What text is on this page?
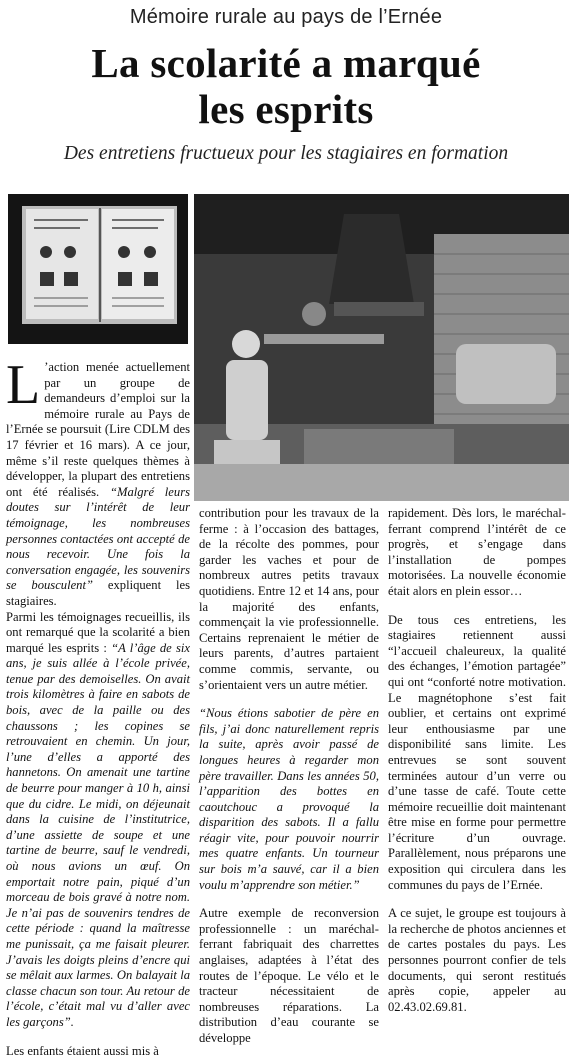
Mémoire rurale au pays de l’Ernée
La scolarité a marqué
les esprits
Des entretiens fructueux pour les stagiaires en formation

L ’action menée actuellement par un groupe de demandeurs d’emploi sur la mémoire rurale au Pays de l’Ernée se poursuit (Lire CDLM des 17 février et 16 mars). A ce jour, même s’il reste quelques thèmes à développer, la plupart des entretiens ont été réalisés. “Malgré leurs doutes sur l’intérêt de leur témoignage, les nombreuses personnes contactées ont accepté de nous recevoir. Une fois la conversation engagée, les souvenirs se bousculent” expliquent les stagiaires.

Parmi les témoignages recueillis, ils ont remarqué que la scolarité a bien marqué les esprits : “A l’âge de six ans, je suis allée à l’école privée, tenue par des demoiselles. On avait trois kilomètres à faire en sabots de bois, avec de la paille ou des chaussons ; les copines se retrouvaient en chemin. Un jour, l’une d’elles a apporté des hannetons. On amenait une tartine de beurre pour manger à 10 h, ainsi que du cidre. Le midi, on déjeunait dans la cuisine de l’institutrice, d’une assiette de soupe et une tartine de beurre, sauf le vendredi, où nous avions un œuf. On emportait notre pain, piqué d’un morceau de bois gravé à notre nom. Je n’ai pas de souvenirs tendres de cette période : quand la maîtresse me punissait, ça me faisait pleurer. J’avais les doigts pleins d’encre qui se mêlait aux larmes. On balayait la classe chacun son tour. Au retour de l’école, c’était mal vu d’aller avec les garçons”.

Les enfants étaient aussi mis à

contribution pour les travaux de la ferme : à l’occasion des battages, de la récolte des pommes, pour garder les vaches et pour de nombreux autres petits travaux quotidiens. Entre 12 et 14 ans, pour la majorité des enfants, commençait la vie professionnelle. Certains reprenaient le métier de leurs parents, d’autres partaient comme commis, servante, ou s’orientaient vers un autre métier.

“Nous étions sabotier de père en fils, j’ai donc naturellement repris la suite, après avoir passé de longues heures à regarder mon père travailler. Dans les années 50, l’apparition des bottes en caoutchouc a provoqué la disparition des sabots. Il a fallu réagir vite, pour pouvoir nourrir mes quatre enfants. Un tourneur sur bois m’a sauvé, car il a bien voulu m’apprendre son métier.”

Autre exemple de reconversion professionnelle : un maréchal-ferrant fabriquait des charrettes anglaises, adaptées à l’état des routes de l’époque. Le vélo et le tracteur nécessitaient de nombreuses réparations. La distribution d’eau courante se développe

rapidement. Dès lors, le maréchal-ferrant comprend l’intérêt de ce progrès, et s’engage dans l’installation de pompes motorisées. La nouvelle économie était alors en plein essor…

De tous ces entretiens, les stagiaires retiennent aussi “l’accueil chaleureux, la qualité des échanges, l’émotion partagée” qui ont “conforté notre motivation. Le magnétophone s’est fait oublier, et certains ont exprimé leur enthousiasme par une disponibilité sans limite. Les entrevues se sont souvent terminées autour d’un verre ou d’une tasse de café. Toute cette mémoire recueillie doit maintenant être mise en forme pour permettre l’écriture d’un ouvrage. Parallèlement, nous préparons une exposition qui circulera dans les communes du pays de l’Ernée.

A ce sujet, le groupe est toujours à la recherche de photos anciennes et de cartes postales du pays. Les personnes pourront confier de tels documents, qui seront restitués après copie, appeler au 02.43.02.69.81.
